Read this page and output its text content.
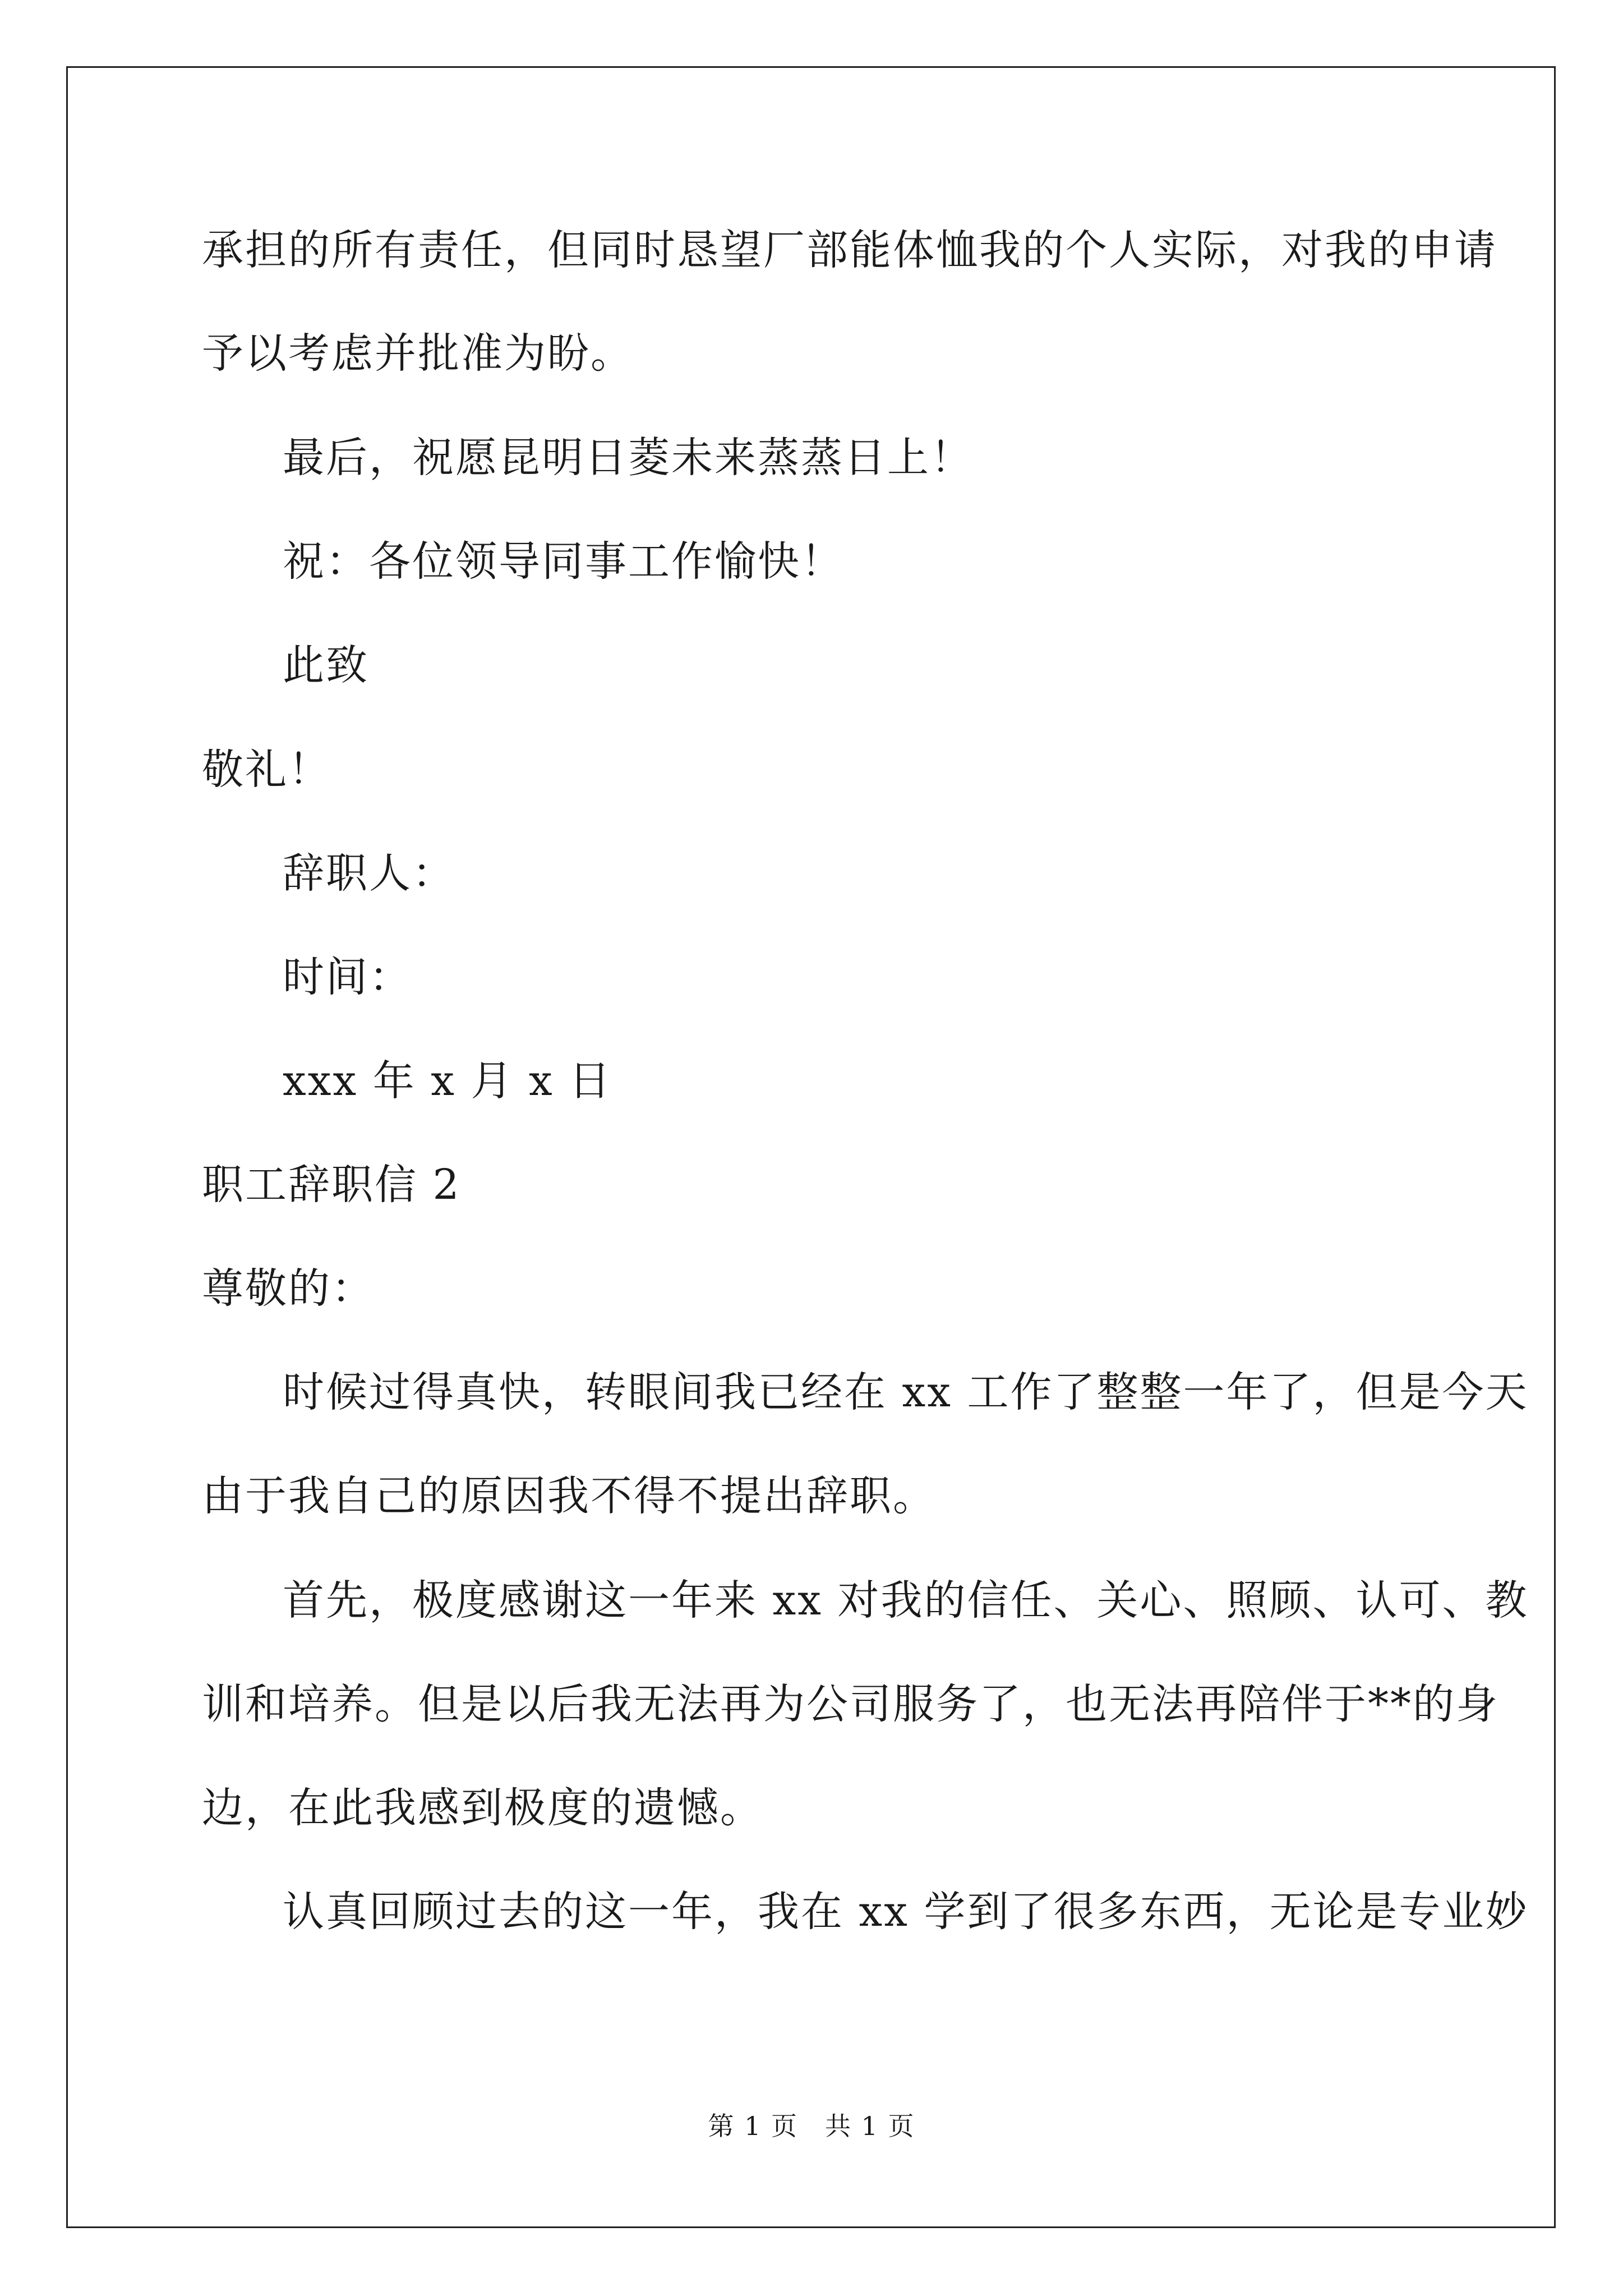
承担的所有责任，但同时恳望厂部能体恤我的个人实际，对我的申请
予以考虑并批准为盼。
最后，祝愿昆明日菱未来蒸蒸日上！
祝：各位领导同事工作愉快！
此致
敬礼！
辞职人：
时间：
xxx 年 x 月 x 日
职工辞职信 2
尊敬的：
时候过得真快，转眼间我已经在 xx 工作了整整一年了，但是今天
由于我自己的原因我不得不提出辞职。
首先，极度感谢这一年来 xx 对我的信任、关心、照顾、认可、教
训和培养。但是以后我无法再为公司服务了，也无法再陪伴于**的身
边，在此我感到极度的遗憾。
认真回顾过去的这一年，我在 xx 学到了很多东西，无论是专业妙
第 1 页　共 1 页
